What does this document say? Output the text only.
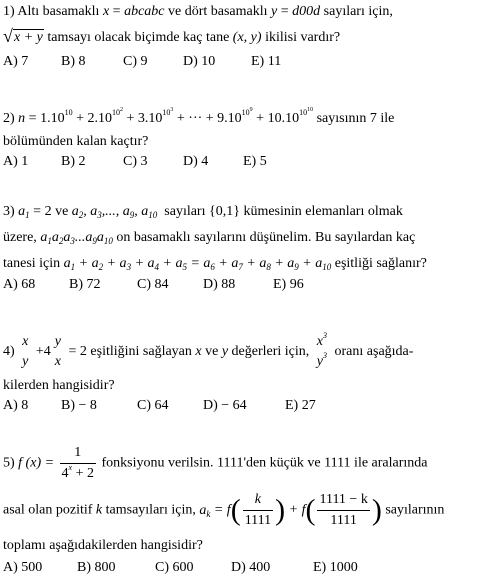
1) Altı basamaklı x = abcabc ve dört basamaklı y = d00d sayıları için,
√ x + y tamsayı olacak biçimde kaç tane (x, y) ikilisi vardır?
A) 7 B) 8	C) 9	D) 10	E) 11
2) $n = 1.10^{10} + 2.10^{10^2} + 3.10^{10^3}$ + ··· + $9.10^{10^9} + 10.10^{10^{10}}$ sayısının 7 ile
bölümünden kalan kaçtır?
A) 1 B) 2	C) 3	D) 4 E) 5
3) $a_1 = 2$ ve $a_2$, $a_3$,..., $a_9$, $a_{10}$ sayıları {0,1} kümesinin elemanları olmak
üzere, $a_1a_2a_3...a_9a_{10}$ on basamaklı sayılarını düşünelim. Bu sayılardan kaç
tanesi için $a_1 + a_2 + a_3 + a_4 + a_5 = a_6 + a_7 + a_8 + a_9 + a_{10}$ eşitliği sağlanır?
A) 68 B) 72	C) 84 D) 88	E) 96
4)
x
y
+4
y
x
= 2 eşitliğini sağlayan x ve y değerleri için,
$x^3$
$y^3$ oranı aşağıda-
kilerden hangisidir?
A) 8 B) − 8	C) 64 D) − 64	E) 27
5) f $(x) = \frac{1}{4^x + 2}$ fonksiyonu verilsin. 1111'den küçük ve 1111 ile aralarında
asal olan pozitif k tamsayıları için, $a_k = f( \frac{k}{1111}$ ) + $f( \frac{1111 - k}{1111}$ ) sayılarının
toplamı aşağıdakilerden hangisidir?
A) 500 B) 800	C) 600	D) 400	E) 1000
